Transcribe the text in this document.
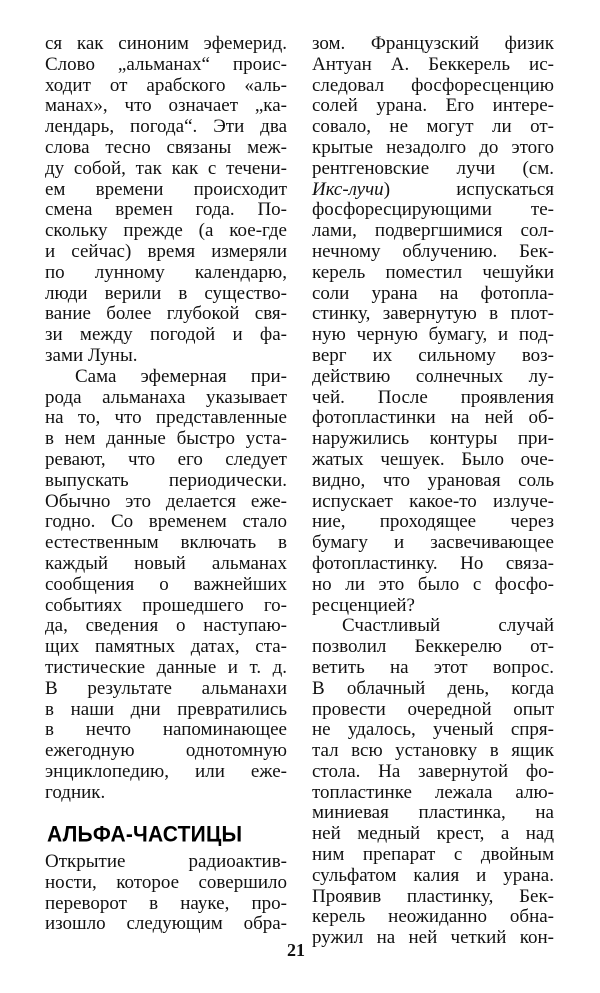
ся как синоним эфемерид.
Слово „альманах“ проис-
ходит от арабского «аль-
манах», что означает „ка-
лендарь, погода“. Эти два
слова тесно связаны меж-
ду собой, так как с течени-
ем времени происходит
смена времен года. По-
скольку прежде (а кое-где
и сейчас) время измеряли
по лунному календарю,
люди верили в существо-
вание более глубокой свя-
зи между погодой и фа-
зами Луны.
Сама эфемерная при-
рода альманаха указывает
на то, что представленные
в нем данные быстро уста-
ревают, что его следует
выпускать периодически.
Обычно это делается еже-
годно. Со временем стало
естественным включать в
каждый новый альманах
сообщения о важнейших
событиях прошедшего го-
да, сведения о наступаю-
щих памятных датах, ста-
тистические данные и т. д.
В результате альманахи
в наши дни превратились
в нечто напоминающее
ежегодную однотомную
энциклопедию, или еже-
годник.
АЛЬФА-ЧАСТИЦЫ
Открытие радиоактив-
ности, которое совершило
переворот в науке, про-
изошло следующим обра-
зом. Французский физик
Антуан А. Беккерель ис-
следовал фосфоресценцию
солей урана. Его интере-
совало, не могут ли от-
крытые незадолго до этого
рентгеновские лучи (см.
Икс-лучи) испускаться
фосфоресцирующими те-
лами, подвергшимися сол-
нечному облучению. Бек-
керель поместил чешуйки
соли урана на фотопла-
стинку, завернутую в плот-
ную черную бумагу, и под-
верг их сильному воз-
действию солнечных лу-
чей. После проявления
фотопластинки на ней об-
наружились контуры при-
жатых чешуек. Было оче-
видно, что урановая соль
испускает какое-то излуче-
ние, проходящее через
бумагу и засвечивающее
фотопластинку. Но связа-
но ли это было с фосфо-
ресценцией?
Счастливый случай
позволил Беккерелю от-
ветить на этот вопрос.
В облачный день, когда
провести очередной опыт
не удалось, ученый спря-
тал всю установку в ящик
стола. На завернутой фо-
топластинке лежала алю-
миниевая пластинка, на
ней медный крест, а над
ним препарат с двойным
сульфатом калия и урана.
Проявив пластинку, Бек-
керель неожиданно обна-
ружил на ней четкий кон-
21
